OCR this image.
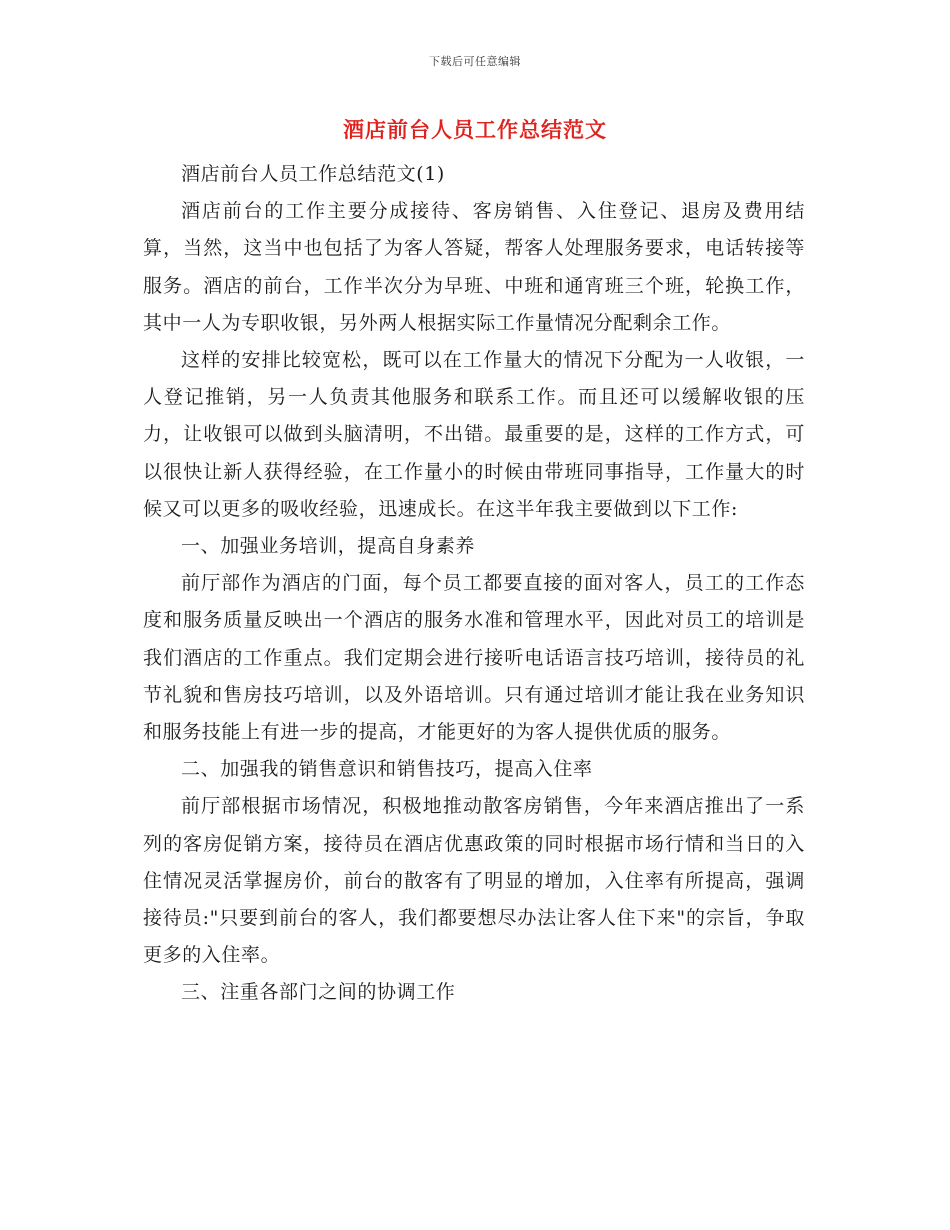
下载后可任意编辑
酒店前台人员工作总结范文

酒店前台人员工作总结范文(1)

酒店前台的工作主要分成接待、客房销售、入住登记、退房及费用结算，当然，这当中也包括了为客人答疑，帮客人处理服务要求，电话转接等服务。酒店的前台，工作半次分为早班、中班和通宵班三个班，轮换工作，其中一人为专职收银，另外两人根据实际工作量情况分配剩余工作。

这样的安排比较宽松，既可以在工作量大的情况下分配为一人收银，一人登记推销，另一人负责其他服务和联系工作。而且还可以缓解收银的压力，让收银可以做到头脑清明，不出错。最重要的是，这样的工作方式，可以很快让新人获得经验，在工作量小的时候由带班同事指导，工作量大的时候又可以更多的吸收经验，迅速成长。在这半年我主要做到以下工作:

一、加强业务培训，提高自身素养

前厅部作为酒店的门面，每个员工都要直接的面对客人，员工的工作态度和服务质量反映出一个酒店的服务水准和管理水平，因此对员工的培训是我们酒店的工作重点。我们定期会进行接听电话语言技巧培训，接待员的礼节礼貌和售房技巧培训，以及外语培训。只有通过培训才能让我在业务知识和服务技能上有进一步的提高，才能更好的为客人提供优质的服务。

二、加强我的销售意识和销售技巧，提高入住率

前厅部根据市场情况，积极地推动散客房销售，今年来酒店推出了一系列的客房促销方案，接待员在酒店优惠政策的同时根据市场行情和当日的入住情况灵活掌握房价，前台的散客有了明显的增加，入住率有所提高，强调接待员:"只要到前台的客人，我们都要想尽办法让客人住下来"的宗旨，争取更多的入住率。

三、注重各部门之间的协调工作
